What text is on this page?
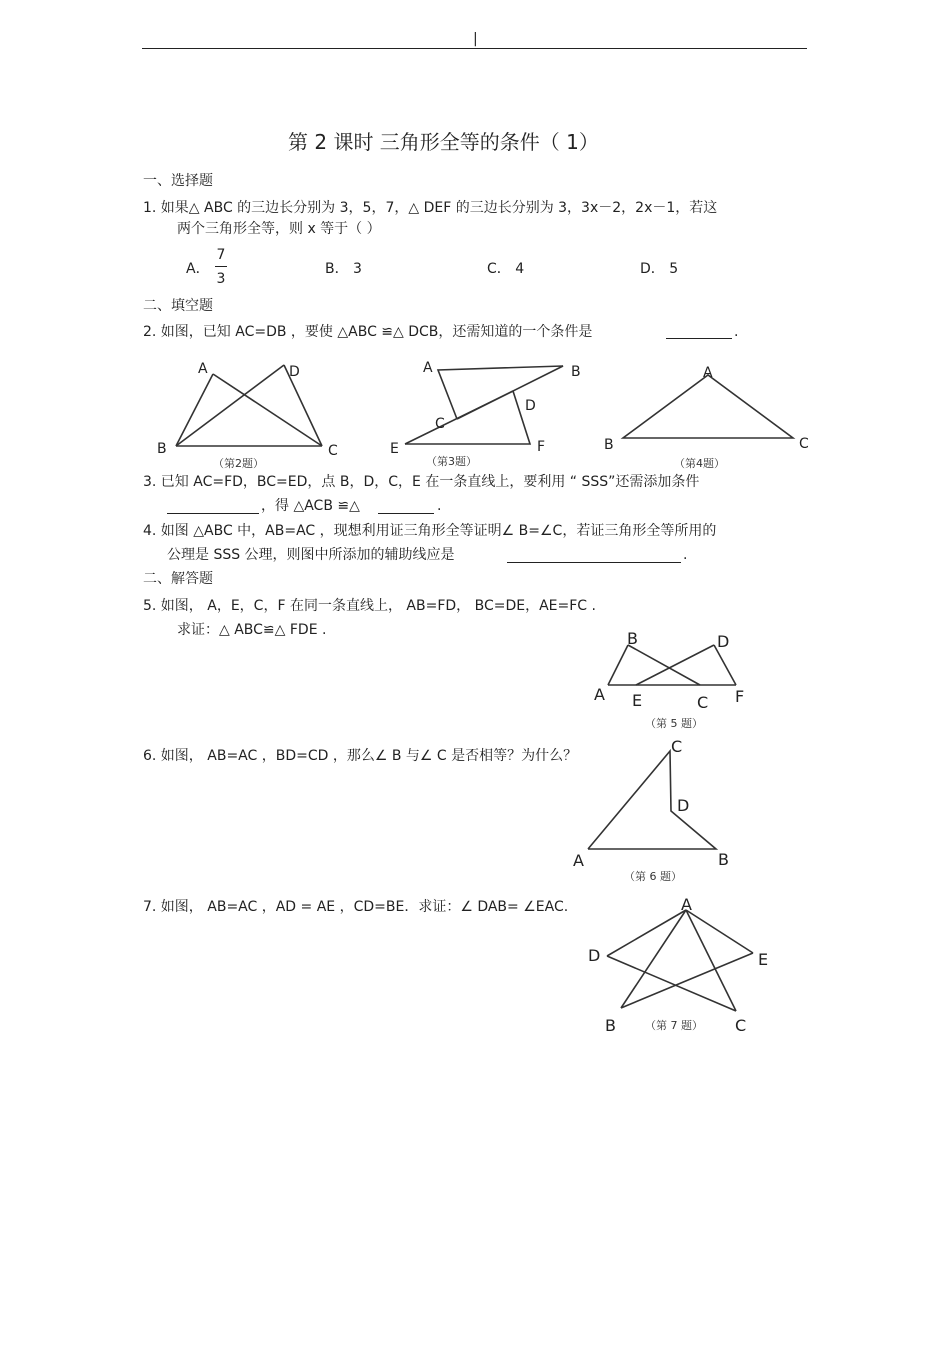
|
第 2 课时 三角形全等的条件（ 1）
一、选择题
1. 如果△ ABC 的三边长分别为 3，5，7，△ DEF 的三边长分别为 3，3x－2，2x－1，若这
两个三角形全等，则 x 等于（ ）
A．
7
3
B． 3	C． 4	D． 5
二、填空题
2. 如图，已知 AC=DB ，要使 △ABC ≌△ DCB，还需知道的一个条件是	.
A	D
B	C
（第2题）
A	B
C
D
E	F
（第3题）
A
B	C
（第4题）
3. 已知 AC=FD，BC=ED，点 B，D，C，E 在一条直线上，要利用 “ SSS”还需添加条件
，得 △ACB ≌△	.
4. 如图 △ABC 中，AB=AC ，现想利用证三角形全等证明∠ B=∠C，若证三角形全等所用的
公理是 SSS 公理，则图中所添加的辅助线应是	.
二、解答题
5. 如图， A，E，C，F 在同一条直线上， AB=FD， BC=DE，AE=FC .
求证：△ ABC≌△ FDE .	B	D
A E	C F
（第 5 题）
6. 如图， AB=AC ，BD=CD ，那么∠ B 与∠ C 是否相等？为什么？	C
D
A	B
（第 6 题）
7. 如图， AB=AC ，AD = AE ，CD=BE．求证：∠ DAB= ∠EAC.	A
D	E
B	C
（第 7 题）
